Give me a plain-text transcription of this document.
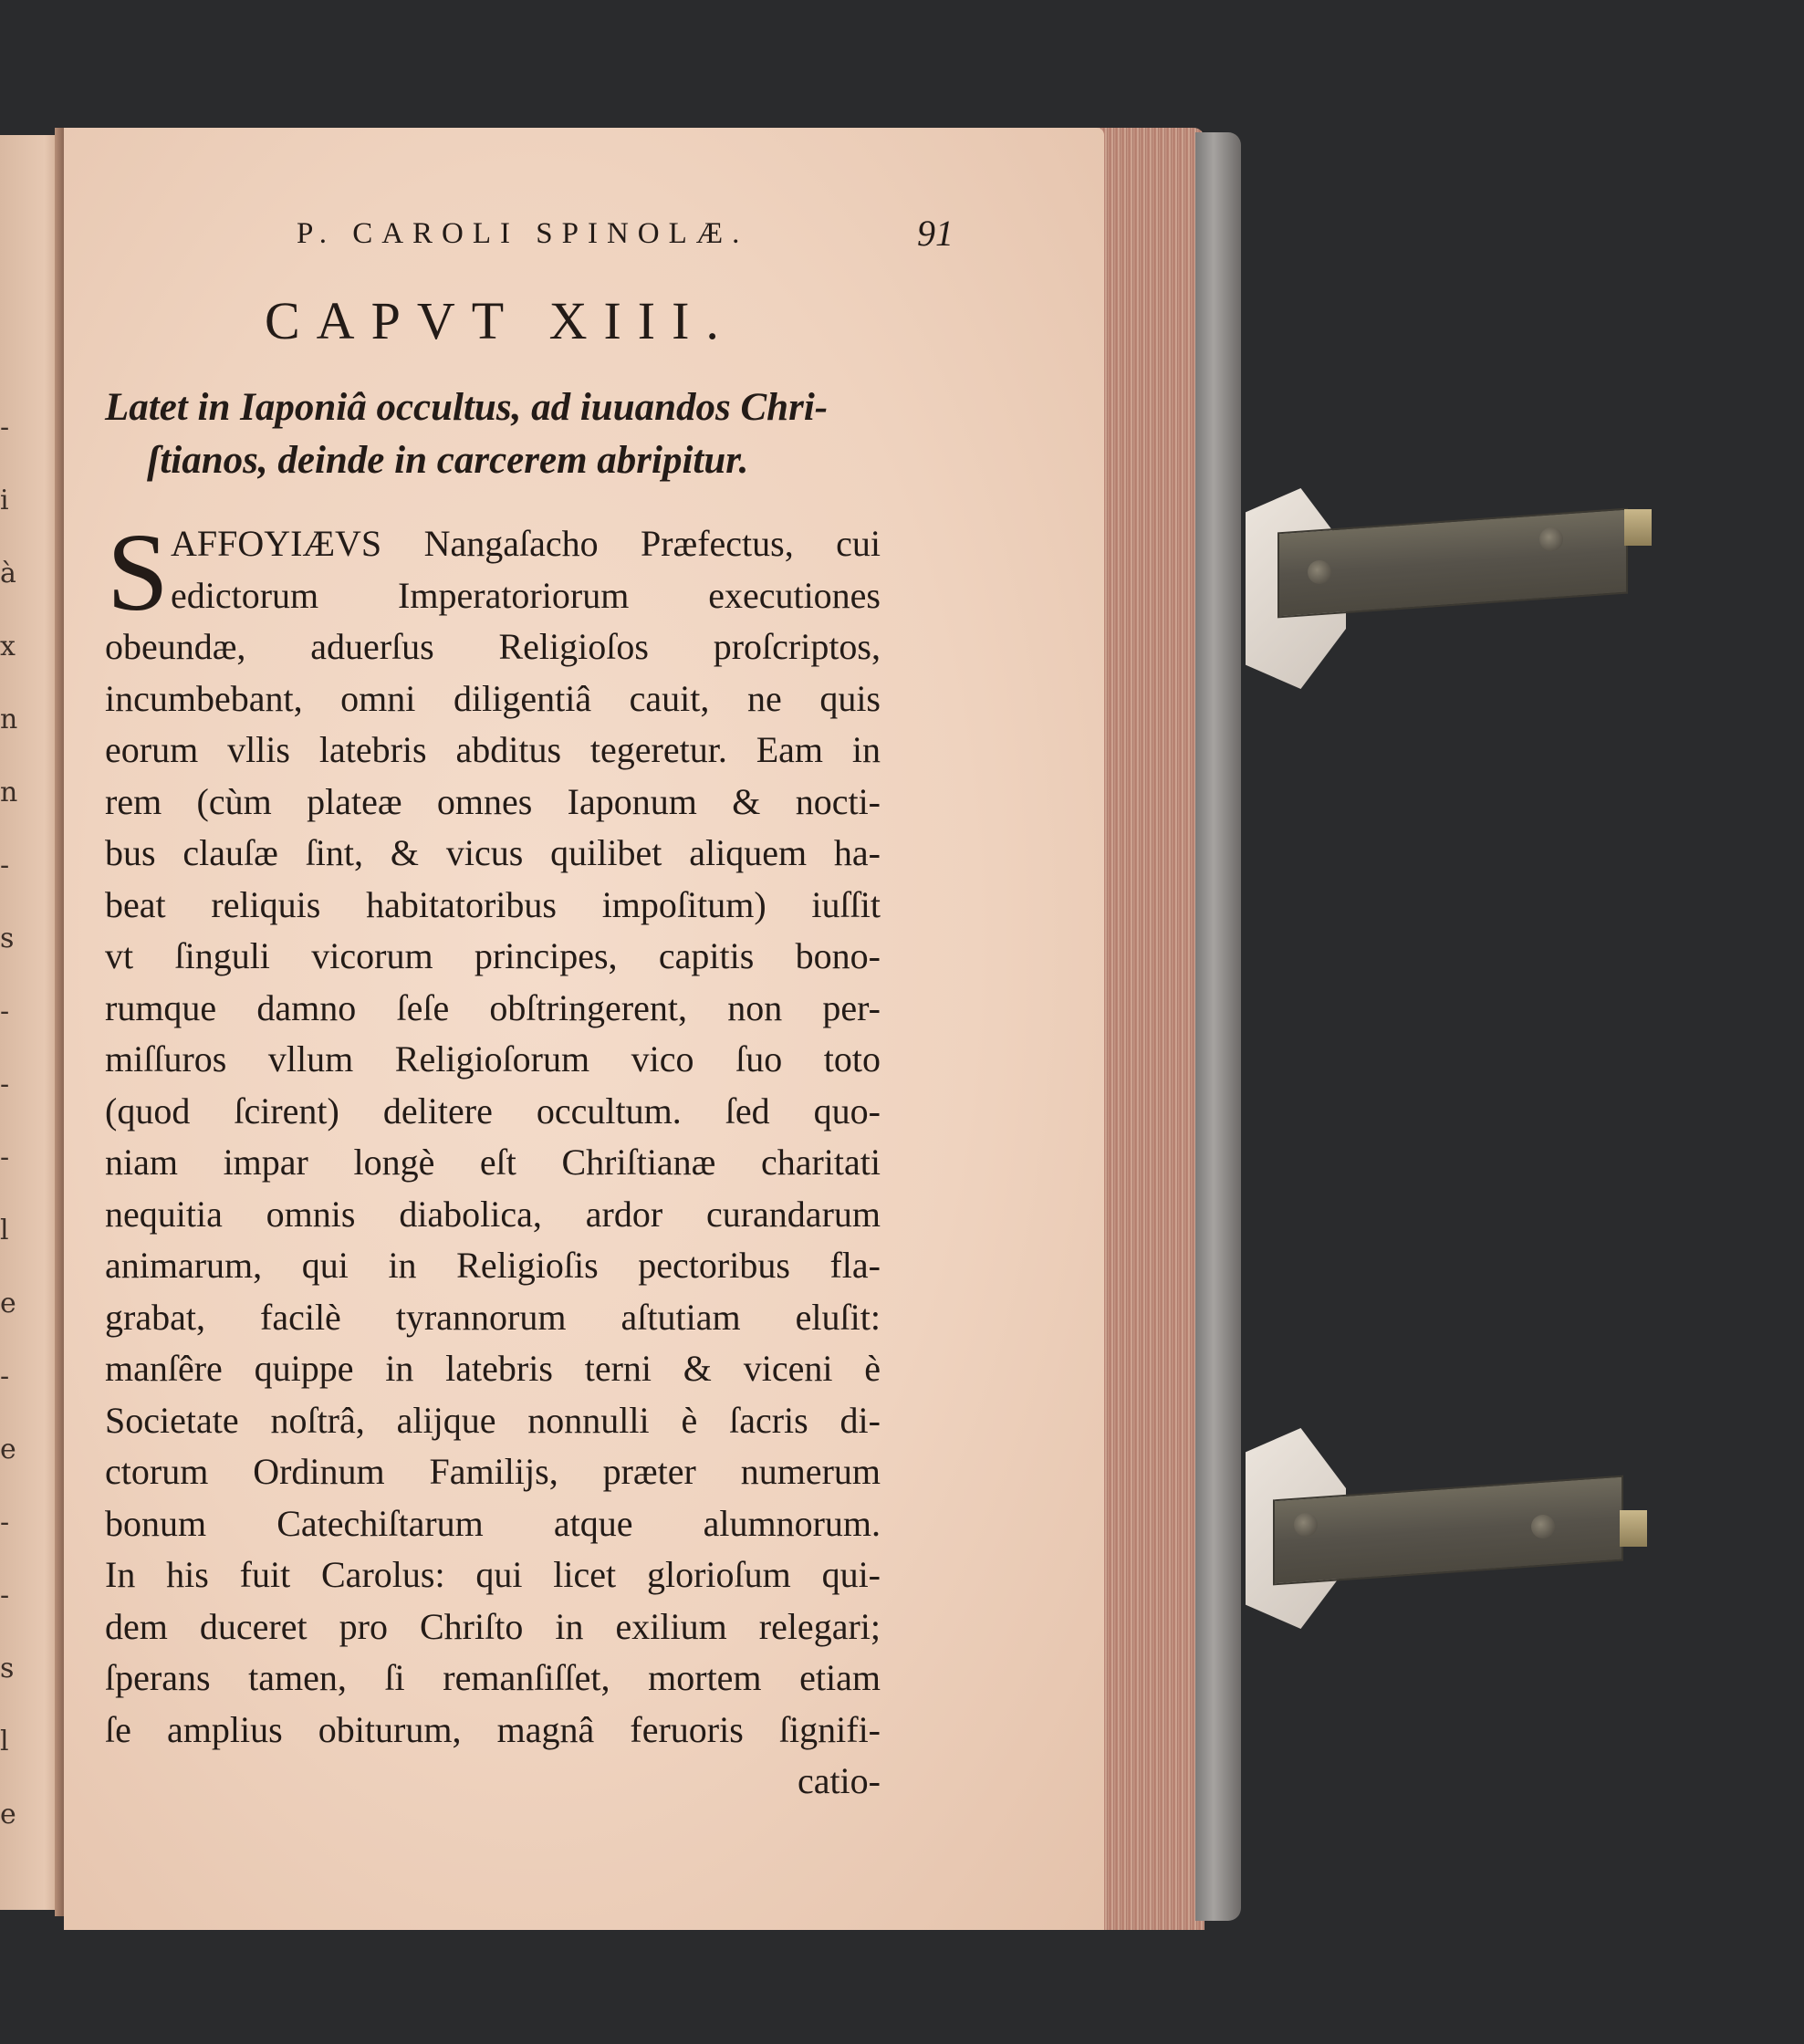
-
i
à
x
n
n
-
s
-
-
-
l
e
-
e
-
-
s
l
e
P. CAROLI SPINOLÆ.	91
CAPVT XIII.
Latet in Iaponiâ occultus, ad iuuandos Chri-
ſtianos, deinde in carcerem abripitur.
S AFFOYIÆVS Nangaſacho Præfectus, cui
edictorum Imperatoriorum executiones
obeundæ, aduerſus Religioſos proſcriptos,
incumbebant, omni diligentiâ cauit, ne quis
eorum vllis latebris abditus tegeretur. Eam in
rem (cùm plateæ omnes Iaponum & nocti-
bus clauſæ ſint, & vicus quilibet aliquem ha-
beat reliquis habitatoribus impoſitum) iuſſit
vt ſinguli vicorum principes, capitis bono-
rumque damno ſeſe obſtringerent, non per-
miſſuros vllum Religioſorum vico ſuo toto
(quod ſcirent) delitere occultum. ſed quo-
niam impar longè eſt Chriſtianæ charitati
nequitia omnis diabolica, ardor curandarum
animarum, qui in Religioſis pectoribus fla-
grabat, facilè tyrannorum aſtutiam eluſit:
manſêre quippe in latebris terni & viceni è
Societate noſtrâ, alijque nonnulli è ſacris di-
ctorum Ordinum Familijs, præter numerum
bonum Catechiſtarum atque alumnorum.
In his fuit Carolus: qui licet glorioſum qui-
dem duceret pro Chriſto in exilium relegari;
ſperans tamen, ſi remanſiſſet, mortem etiam
ſe amplius obiturum, magnâ feruoris ſignifi-
catio-
